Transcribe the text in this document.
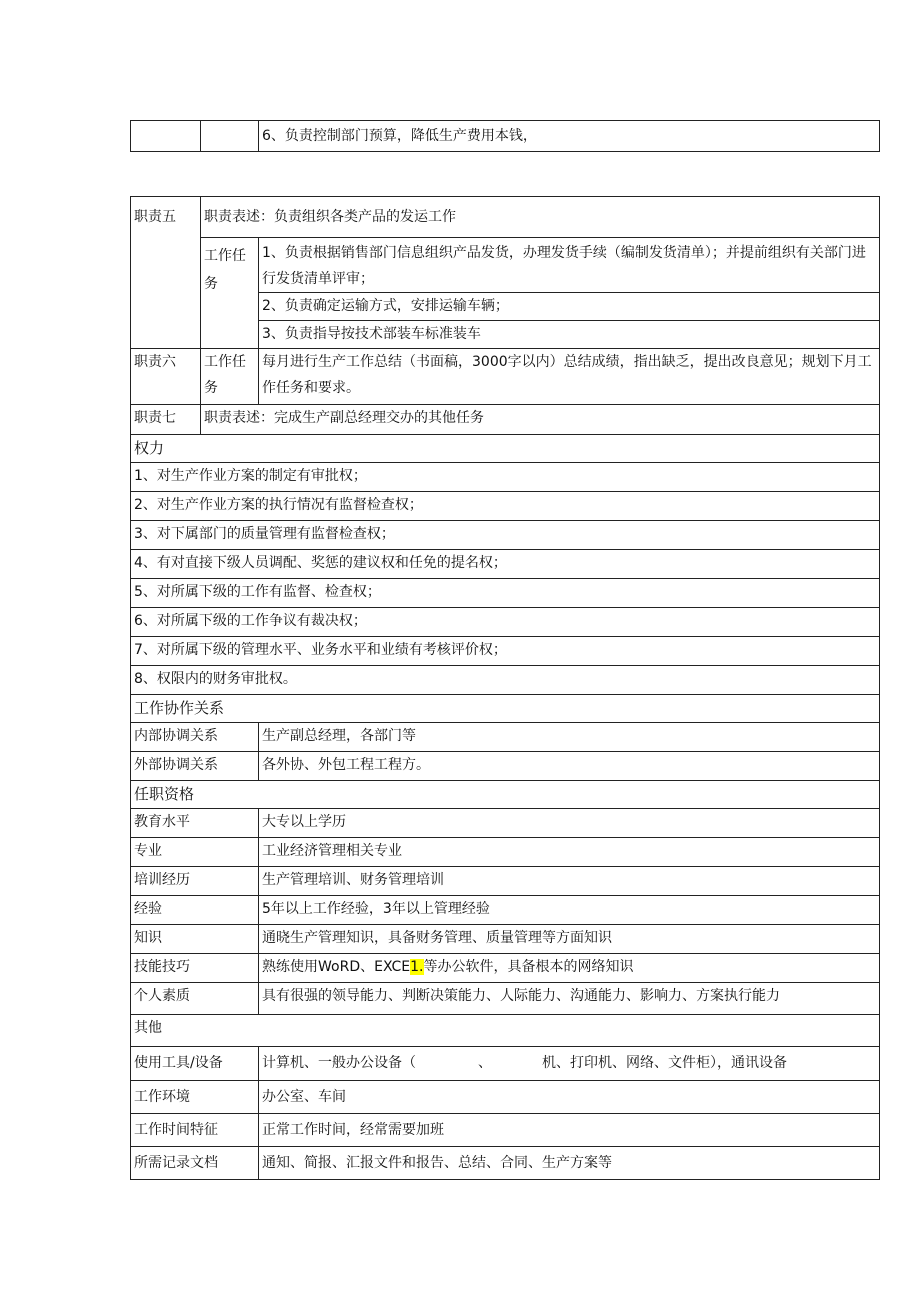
		6、负责控制部门预算，降低生产费用本钱，
职责五	职责表述：负责组织各类产品的发运工作	
	工作任务	1、负责根据销售部门信息组织产品发货，办理发货手续（编制发货清单）；并提前组织有关部门进行发货清单评审；
		2、负责确定运输方式，安排运输车辆；
		3、负责指导按技术部装车标准装车
职责六	工作任务	每月进行生产工作总结（书面稿，3000字以内）总结成绩，指出缺乏，提出改良意见；规划下月工作任务和要求。
职责七	职责表述：完成生产副总经理交办的其他任务	
权力		
1、对生产作业方案的制定有审批权；		
2、对生产作业方案的执行情况有监督检查权；		
3、对下属部门的质量管理有监督检查权；		
4、有对直接下级人员调配、奖惩的建议权和任免的提名权；		
5、对所属下级的工作有监督、检查权；		
6、对所属下级的工作争议有裁决权；		
7、对所属下级的管理水平、业务水平和业绩有考核评价权；		
8、权限内的财务审批权。		
工作协作关系		
内部协调关系		生产副总经理，各部门等
外部协调关系		各外协、外包工程工程方。
任职资格		
教育水平		大专以上学历
专业		工业经济管理相关专业
培训经历		生产管理培训、财务管理培训
经验		5年以上工作经验，3年以上管理经验
知识		通晓生产管理知识，具备财务管理、质量管理等方面知识
技能技巧		熟练使用WoRD、EXCE1.等办公软件，具备根本的网络知识
个人素质		具有很强的领导能力、判断决策能力、人际能力、沟通能力、影响力、方案执行能力
其他		
使用工具/设备		计算机、一般办公设备（ 、 机、打印机、网络、文件柜），通讯设备
工作环境		办公室、车间
工作时间特征		正常工作时间，经常需要加班
所需记录文档		通知、简报、汇报文件和报告、总结、合同、生产方案等
